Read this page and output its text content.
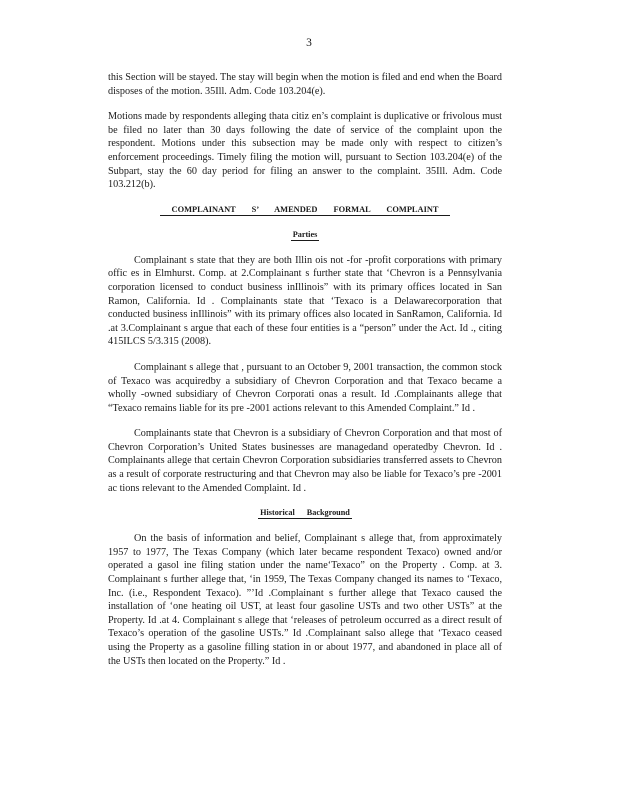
3

this Section will be stayed. The stay will begin when the motion is filed and end when the Board disposes of the motion. 35Ill. Adm. Code 103.204(e).

Motions made by respondents alleging thata citiz en’s complaint is duplicative or frivolous must be filed no later than 30 days following the date of service of the complaint upon the respondent. Motions under this subsection may be made only with respect to citizen’s enforcement proceedings. Timely filing the motion will, pursuant to Section 103.204(e) of the Subpart, stay the 60 day period for filing an answer to the complaint. 35Ill. Adm. Code 103.212(b).

COMPLAINANT S’ AMENDED FORMAL COMPLAINT
Parties

Complainant s state that they are both Illin ois not -for -profit corporations with primary offic es in Elmhurst. Comp. at 2.Complainant s further state that ‘Chevron is a Pennsylvania corporation licensed to conduct business inIllinois” with its primary offices located in San Ramon, California. Id . Complainants state that ‘Texaco is a Delawarecorporation that conducted business inIllinois” with its primary offices also located in SanRamon, California. Id .at 3.Complainant s argue that each of these four entities is a “person” under the Act. Id ., citing 415ILCS 5/3.315 (2008).

Complainant s allege that , pursuant to an October 9, 2001 transaction, the common stock of Texaco was acquiredby a subsidiary of Chevron Corporation and that Texaco became a wholly -owned subsidiary of Chevron Corporati onas a result. Id .Complainants allege that “Texaco remains liable for its pre -2001 actions relevant to this Amended Complaint.” Id .

Complainants state that Chevron is a subsidiary of Chevron Corporation and that most of Chevron Corporation’s United States businesses are managedand operatedby Chevron. Id . Complainants allege that certain Chevron Corporation subsidiaries transferred assets to Chevron as a result of corporate restructuring and that Chevron may also be liable for Texaco’s pre -2001 ac tions relevant to the Amended Complaint. Id .

Historical Background

On the basis of information and belief, Complainant s allege that, from approximately 1957 to 1977, The Texas Company (which later became respondent Texaco) owned and/or operated a gasol ine filing station under the name‘Texaco” on the Property . Comp. at 3. Complainant s further allege that, ‘in 1959, The Texas Company changed its names to ‘Texaco, Inc. (i.e., Respondent Texaco). ”’Id .Complainant s further allege that Texaco caused the installation of ‘one heating oil UST, at least four gasoline USTs and two other USTs” at the Property. Id .at 4. Complainant s allege that ‘releases of petroleum occurred as a direct result of Texaco’s operation of the gasoline USTs.” Id .Complainant salso allege that ‘Texaco ceased using the Property as a gasoline filling station in or about 1977, and abandoned in place all of the USTs then located on the Property.” Id .
